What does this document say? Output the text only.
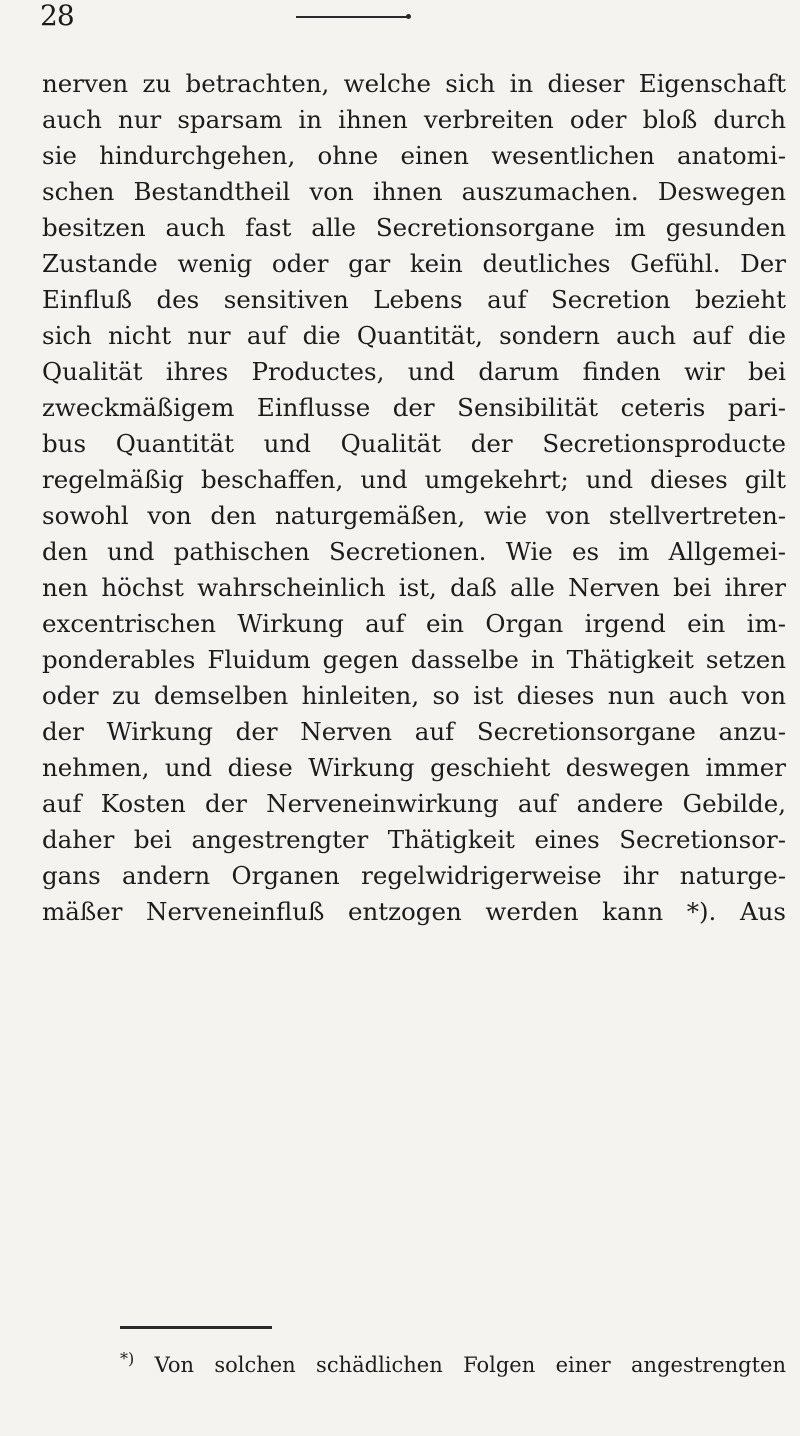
28
nerven zu betrachten, welche sich in dieser Eigenschaft
auch nur sparsam in ihnen verbreiten oder bloß durch
sie hindurchgehen, ohne einen wesentlichen anatomi-
schen Bestandtheil von ihnen auszumachen. Deswegen
besitzen auch fast alle Secretionsorgane im gesunden
Zustande wenig oder gar kein deutliches Gefühl. Der
Einfluß des sensitiven Lebens auf Secretion bezieht
sich nicht nur auf die Quantität, sondern auch auf die
Qualität ihres Productes, und darum finden wir bei
zweckmäßigem Einflusse der Sensibilität ceteris pari-
bus Quantität und Qualität der Secretionsproducte
regelmäßig beschaffen, und umgekehrt; und dieses gilt
sowohl von den naturgemäßen, wie von stellvertreten-
den und pathischen Secretionen. Wie es im Allgemei-
nen höchst wahrscheinlich ist, daß alle Nerven bei ihrer
excentrischen Wirkung auf ein Organ irgend ein im-
ponderables Fluidum gegen dasselbe in Thätigkeit setzen
oder zu demselben hinleiten, so ist dieses nun auch von
der Wirkung der Nerven auf Secretionsorgane anzu-
nehmen, und diese Wirkung geschieht deswegen immer
auf Kosten der Nerveneinwirkung auf andere Gebilde,
daher bei angestrengter Thätigkeit eines Secretionsor-
gans andern Organen regelwidrigerweise ihr naturge-
mäßer Nerveneinfluß entzogen werden kann *). Aus
*) Von solchen schädlichen Folgen einer angestrengten
